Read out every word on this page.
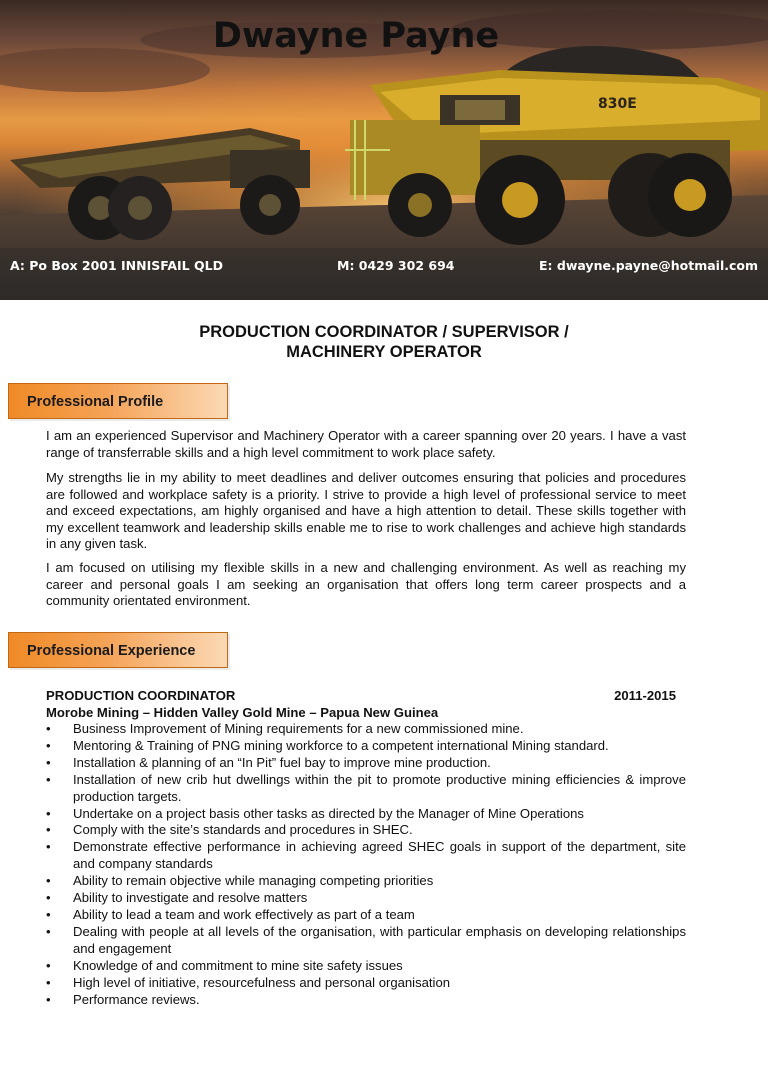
830E
Dwayne Payne
A: Po Box 2001 INNISFAIL QLD	M: 0429 302 694	E: dwayne.payne@hotmail.com
PRODUCTION COORDINATOR / SUPERVISOR /
MACHINERY OPERATOR
Professional Profile
I am an experienced Supervisor and Machinery Operator with a career spanning over 20 years. I have a vast range of transferrable skills and a high level commitment to work place safety.
My strengths lie in my ability to meet deadlines and deliver outcomes ensuring that policies and procedures are followed and workplace safety is a priority. I strive to provide a high level of professional service to meet and exceed expectations, am highly organised and have a high attention to detail. These skills together with my excellent teamwork and leadership skills enable me to rise to work challenges and achieve high standards in any given task.
I am focused on utilising my flexible skills in a new and challenging environment. As well as reaching my career and personal goals I am seeking an organisation that offers long term career prospects and a community orientated environment.
Professional Experience
PRODUCTION COORDINATOR	2011-2015
Morobe Mining – Hidden Valley Gold Mine – Papua New Guinea
• Business Improvement of Mining requirements for a new commissioned mine.
• Mentoring & Training of PNG mining workforce to a competent international Mining standard.
• Installation & planning of an “In Pit” fuel bay to improve mine production.
• Installation of new crib hut dwellings within the pit to promote productive mining efficiencies & improve production targets.
• Undertake on a project basis other tasks as directed by the Manager of Mine Operations
• Comply with the site’s standards and procedures in SHEC.
• Demonstrate effective performance in achieving agreed SHEC goals in support of the department, site and company standards
• Ability to remain objective while managing competing priorities
• Ability to investigate and resolve matters
• Ability to lead a team and work effectively as part of a team
• Dealing with people at all levels of the organisation, with particular emphasis on developing relationships and engagement
• Knowledge of and commitment to mine site safety issues
• High level of initiative, resourcefulness and personal organisation
• Performance reviews.
